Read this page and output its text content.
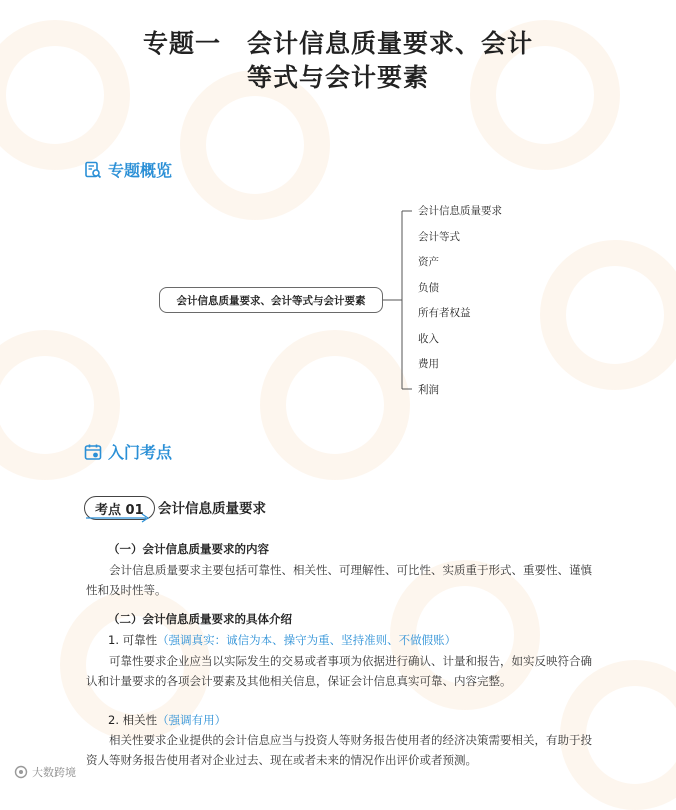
专题一　会计信息质量要求、会计
等式与会计要素
专题概览
会计信息质量要求、会计等式与会计要素
会计信息质量要求
会计等式
资产
负债
所有者权益
收入
费用
利润
入门考点
考点 01	会计信息质量要求
（一）会计信息质量要求的内容
会计信息质量要求主要包括可靠性、相关性、可理解性、可比性、实质重于形式、重要性、谨慎性和及时性等。
（二）会计信息质量要求的具体介绍
1. 可靠性（强调真实：诚信为本、操守为重、坚持准则、不做假账）
可靠性要求企业应当以实际发生的交易或者事项为依据进行确认、计量和报告，如实反映符合确认和计量要求的各项会计要素及其他相关信息，保证会计信息真实可靠、内容完整。
2. 相关性（强调有用）
相关性要求企业提供的会计信息应当与投资人等财务报告使用者的经济决策需要相关，有助于投资人等财务报告使用者对企业过去、现在或者未来的情况作出评价或者预测。
大数跨境
